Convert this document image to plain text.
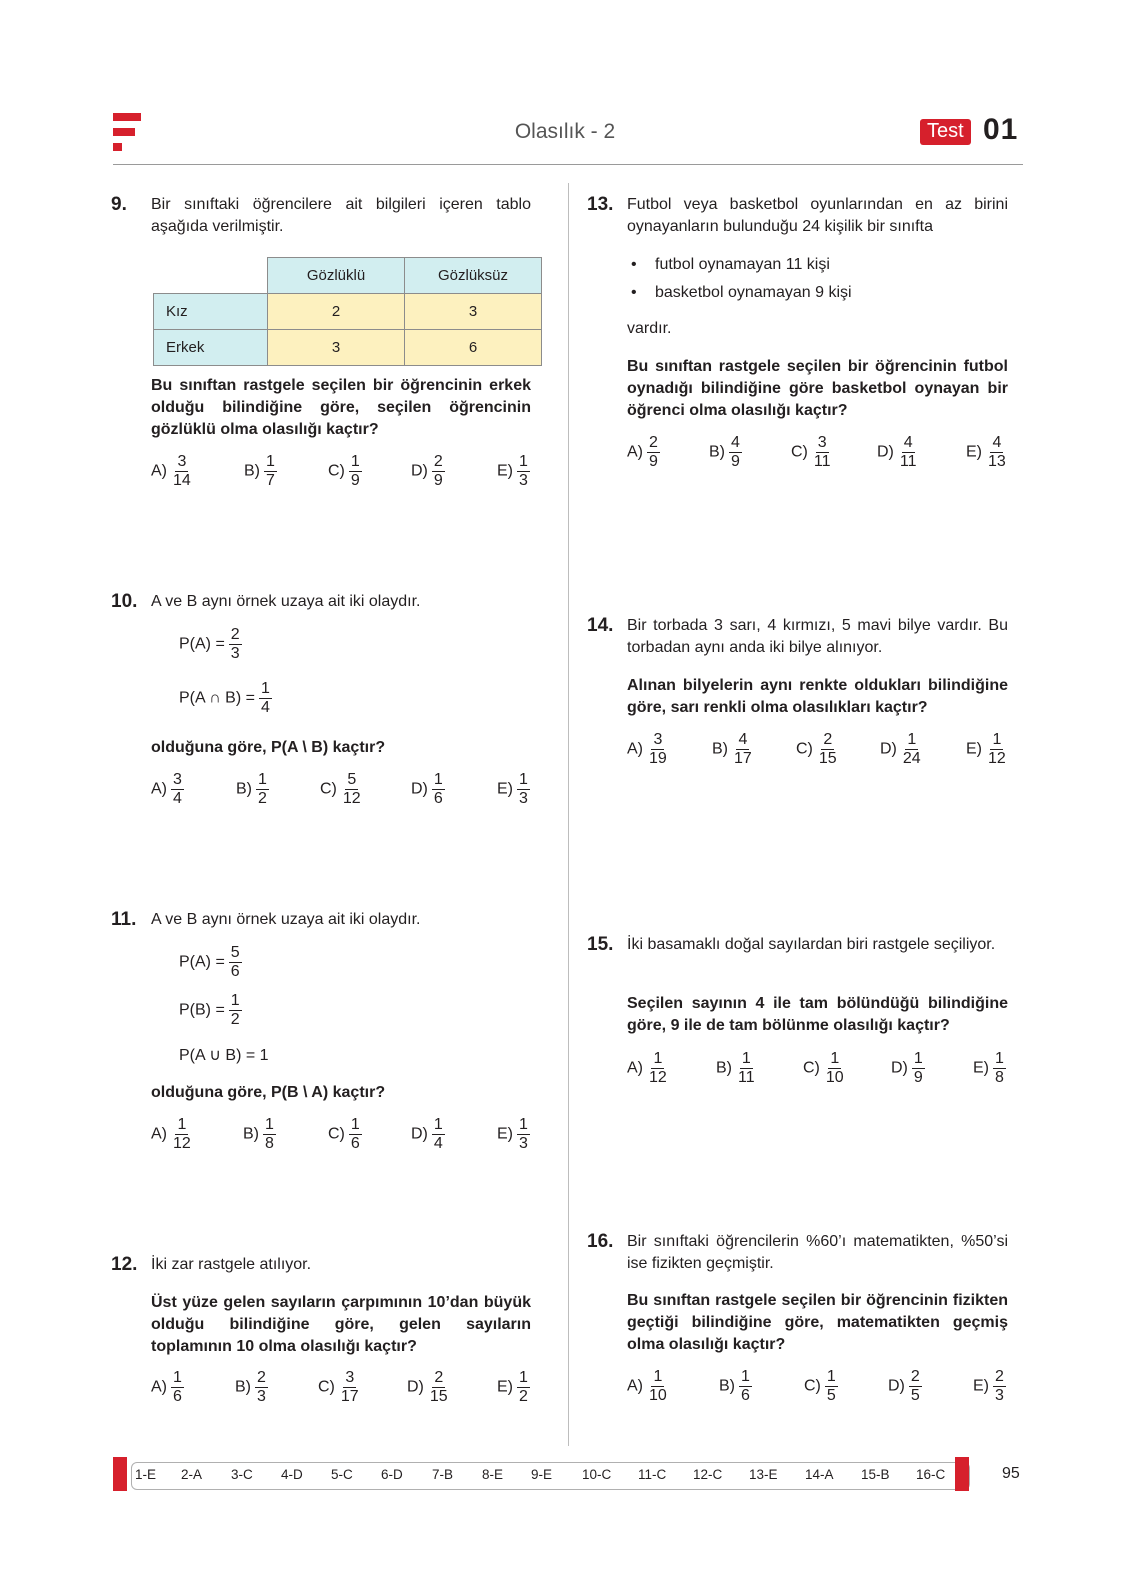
Olasılık - 2	Test 01
9. Bir sınıftaki öğrencilere ait bilgileri içeren tablo aşağıda verilmiştir.
	Gözlüklü	Gözlüksüz
Kız	2	3
Erkek	3	6
Bu sınıftan rastgele seçilen bir öğrencinin erkek olduğu bilindiğine göre, seçilen öğrencinin gözlüklü olma olasılığı kaçtır?
$A) \frac{3}{14}$	$B) \frac{1}{7}$	$C) \frac{1}{9}$	$D) \frac{2}{9}$	$E) \frac{1}{3}$
10. A ve B aynı örnek uzaya ait iki olaydır.
$P(A) = \frac{2}{3}$
P(A ∩ $B) = \frac{1}{4}$
olduğuna göre, P(A \ B) kaçtır?
$A) \frac{3}{4}$	$B) \frac{1}{2}$	$C) \frac{5}{12}$	$D) \frac{1}{6}$	$E) \frac{1}{3}$
11. A ve B aynı örnek uzaya ait iki olaydır.
$P(A) = \frac{5}{6}$
$P(B) = \frac{1}{2}$
P(A ∪ B) = 1
olduğuna göre, P(B \ A) kaçtır?
$A) \frac{1}{12}$	$B) \frac{1}{8}$	$C) \frac{1}{6}$	$D) \frac{1}{4}$	$E) \frac{1}{3}$
12. İki zar rastgele atılıyor.
Üst yüze gelen sayıların çarpımının 10’dan büyük olduğu bilindiğine göre, gelen sayıların toplamının 10 olma olasılığı kaçtır?
$A) \frac{1}{6}$	$B) \frac{2}{3}$	$C) \frac{3}{17}$	$D) \frac{2}{15}$	$E) \frac{1}{2}$
13. Futbol veya basketbol oyunlarından en az birini oynayanların bulunduğu 24 kişilik bir sınıfta
• futbol oynamayan 11 kişi
• basketbol oynamayan 9 kişi
vardır.
Bu sınıftan rastgele seçilen bir öğrencinin futbol oynadığı bilindiğine göre basketbol oynayan bir öğrenci olma olasılığı kaçtır?
$A) \frac{2}{9}$	$B) \frac{4}{9}$	$C) \frac{3}{11}$	$D) \frac{4}{11}$	$E) \frac{4}{13}$
14. Bir torbada 3 sarı, 4 kırmızı, 5 mavi bilye vardır. Bu torbadan aynı anda iki bilye alınıyor.
Alınan bilyelerin aynı renkte oldukları bilindiğine göre, sarı renkli olma olasılıkları kaçtır?
$A) \frac{3}{19}$	$B) \frac{4}{17}$	$C) \frac{2}{15}$	$D) \frac{1}{24}$	$E) \frac{1}{12}$
15. İki basamaklı doğal sayılardan biri rastgele seçiliyor.
Seçilen sayının 4 ile tam bölündüğü bilindiğine göre, 9 ile de tam bölünme olasılığı kaçtır?
$A) \frac{1}{12}$	$B) \frac{1}{11}$	$C) \frac{1}{10}$	$D) \frac{1}{9}$	$E) \frac{1}{8}$
16. Bir sınıftaki öğrencilerin %60’ı matematikten, %50’si ise fizikten geçmiştir.
Bu sınıftan rastgele seçilen bir öğrencinin fizikten geçtiği bilindiğine göre, matematikten geçmiş olma olasılığı kaçtır?
$A) \frac{1}{10}$	$B) \frac{1}{6}$	$C) \frac{1}{5}$	$D) \frac{2}{5}$	$E) \frac{2}{3}$
1-E 2-A 3-C 4-D 5-C 6-D 7-B 8-E 9-E 10-C 11-C 12-C 13-E 14-A 15-B 16-C	95
